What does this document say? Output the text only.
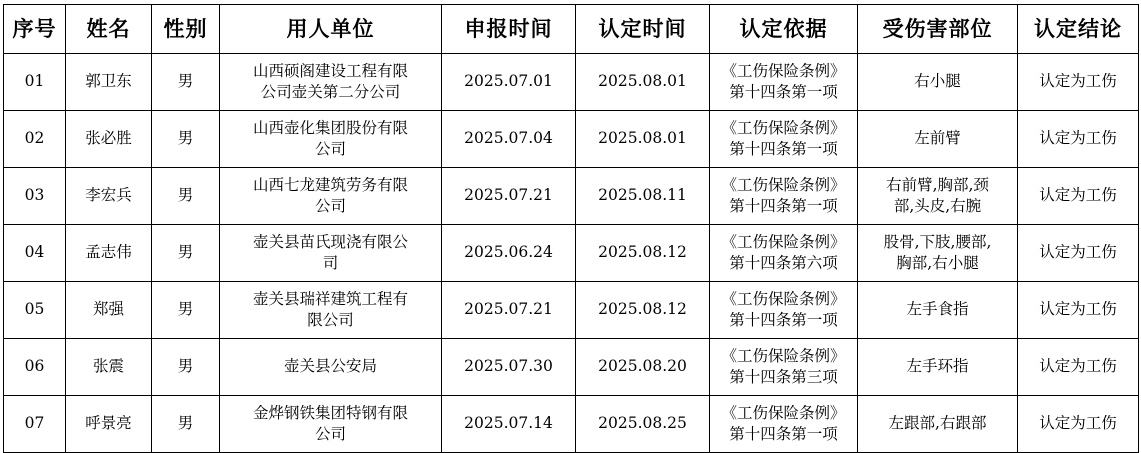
序号	姓名	性别	用人单位	申报时间	认定时间	认定依据	受伤害部位	认定结论
01	郭卫东	男	山西硕阁建设工程有限
公司壶关第二分公司	2025.07.01	2025.08.01	《工伤保险条例》
第十四条第一项	右小腿	认定为工伤
02	张必胜	男	山西壶化集团股份有限
公司	2025.07.04	2025.08.01	《工伤保险条例》
第十四条第一项	左前臂	认定为工伤
03	李宏兵	男	山西七龙建筑劳务有限
公司	2025.07.21	2025.08.11	《工伤保险条例》
第十四条第一项	右前臂,胸部,颈
部,头皮,右腕	认定为工伤
04	孟志伟	男	壶关县苗氏现浇有限公
司	2025.06.24	2025.08.12	《工伤保险条例》
第十四条第六项	股骨,下肢,腰部,
胸部,右小腿	认定为工伤
05	郑强	男	壶关县瑞祥建筑工程有
限公司	2025.07.21	2025.08.12	《工伤保险条例》
第十四条第一项	左手食指	认定为工伤
06	张震	男	壶关县公安局	2025.07.30	2025.08.20	《工伤保险条例》
第十四条第三项	左手环指	认定为工伤
07	呼景亮	男	金烨钢铁集团特钢有限
公司	2025.07.14	2025.08.25	《工伤保险条例》
第十四条第一项	左跟部,右跟部	认定为工伤
